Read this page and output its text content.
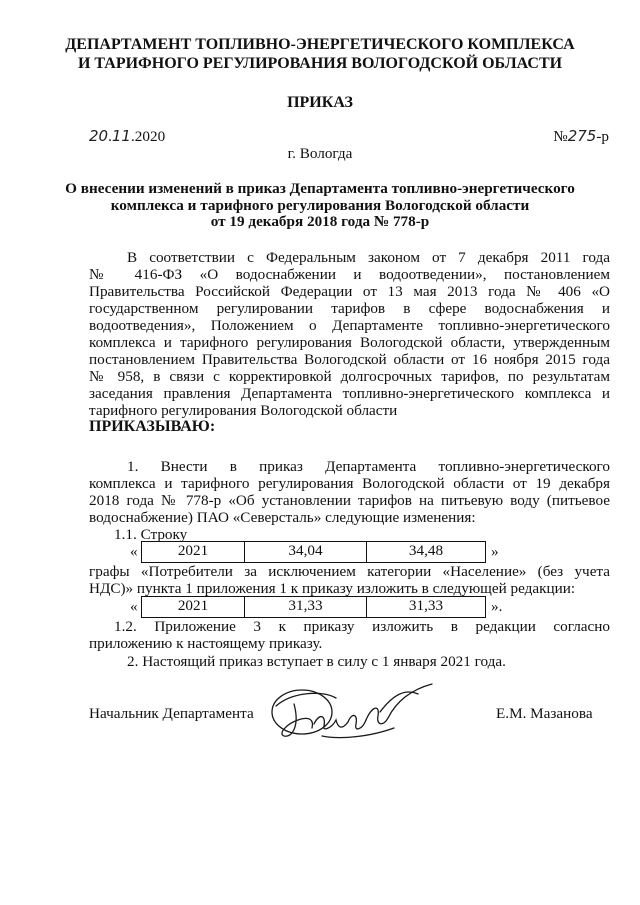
ДЕПАРТАМЕНТ ТОПЛИВНО-ЭНЕРГЕТИЧЕСКОГО КОМПЛЕКСА
И ТАРИФНОГО РЕГУЛИРОВАНИЯ ВОЛОГОДСКОЙ ОБЛАСТИ
ПРИКАЗ
20.11.2020	№275-р
г. Вологда
О внесении изменений в приказ Департамента топливно-энергетического
комплекса и тарифного регулирования Вологодской области
от 19 декабря 2018 года № 778-р
В соответствии с Федеральным законом от 7 декабря 2011 года
№ 416-ФЗ «О водоснабжении и водоотведении», постановлением
Правительства Российской Федерации от 13 мая 2013 года № 406 «О
государственном регулировании тарифов в сфере водоснабжения и
водоотведения», Положением о Департаменте топливно-энергетического
комплекса и тарифного регулирования Вологодской области, утвержденным
постановлением Правительства Вологодской области от 16 ноября 2015 года
№ 958, в связи с корректировкой долгосрочных тарифов, по результатам
заседания правления Департамента топливно-энергетического комплекса и
тарифного регулирования Вологодской области
ПРИКАЗЫВАЮ:
1. Внести в приказ Департамента топливно-энергетического
комплекса и тарифного регулирования Вологодской области от 19 декабря
2018 года № 778-р «Об установлении тарифов на питьевую воду (питьевое
водоснабжение) ПАО «Северсталь» следующие изменения:
1.1. Строку
«	2021	34,04	34,48	»
графы «Потребители за исключением категории «Население» (без учета
НДС)» пункта 1 приложения 1 к приказу изложить в следующей редакции:
«	2021	31,33	31,33	».
1.2. Приложение 3 к приказу изложить в редакции согласно
приложению к настоящему приказу.
2. Настоящий приказ вступает в силу с 1 января 2021 года.
Начальник Департамента	Е.М. Мазанова
